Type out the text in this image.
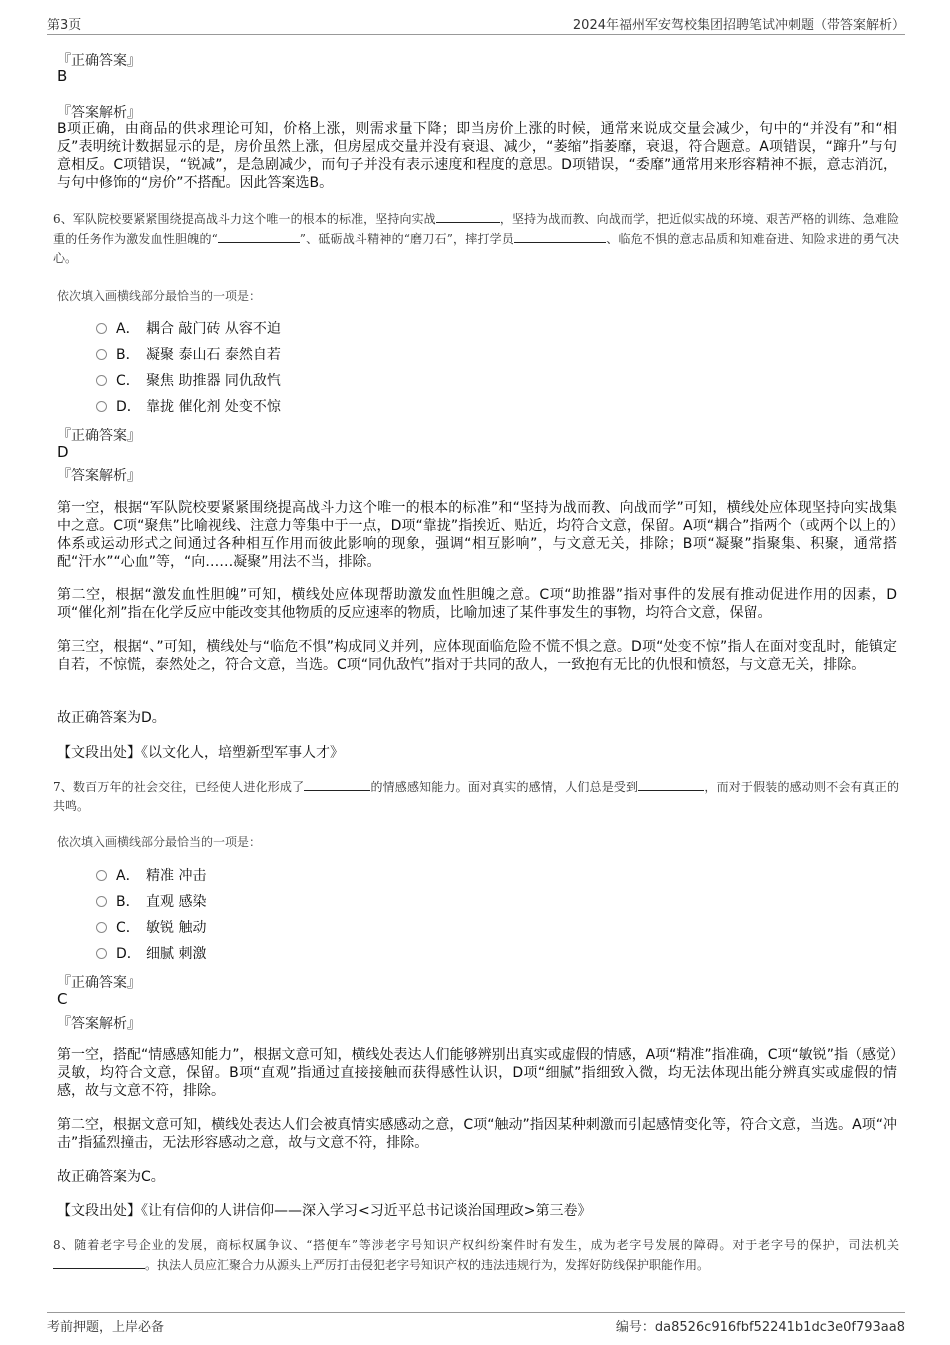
第3页	2024年福州军安驾校集团招聘笔试冲刺题（带答案解析）
『正确答案』
B
『答案解析』
B项正确，由商品的供求理论可知，价格上涨，则需求量下降；即当房价上涨的时候，通常来说成交量会减少，句中的“并没有”和“相反”表明统计数据显示的是，房价虽然上涨，但房屋成交量并没有衰退、减少，“萎缩”指萎靡，衰退，符合题意。A项错误，“蹿升”与句意相反。C项错误，“锐减”，是急剧减少，而句子并没有表示速度和程度的意思。D项错误，“委靡”通常用来形容精神不振，意志消沉，与句中修饰的“房价”不搭配。因此答案选B。
6、军队院校要紧紧围绕提高战斗力这个唯一的根本的标准，坚持向实战	，坚持为战而教、向战而学，把近似实战的环境、艰苦严格的训练、急难险重的任务作为激发血性胆魄的“	”、砥砺战斗精神的“磨刀石”，摔打学员	、临危不惧的意志品质和知难奋进、知险求进的勇气决心。
依次填入画横线部分最恰当的一项是：
A． 耦合 敲门砖 从容不迫
B． 凝聚 泰山石 泰然自若
C． 聚焦 助推器 同仇敌忾
D． 靠拢 催化剂 处变不惊
『正确答案』
D
『答案解析』
第一空，根据“军队院校要紧紧围绕提高战斗力这个唯一的根本的标准”和“坚持为战而教、向战而学”可知，横线处应体现坚持向实战集中之意。C项“聚焦”比喻视线、注意力等集中于一点，D项“靠拢”指挨近、贴近，均符合文意，保留。A项“耦合”指两个（或两个以上的）体系或运动形式之间通过各种相互作用而彼此影响的现象，强调“相互影响”，与文意无关，排除；B项“凝聚”指聚集、积聚，通常搭配“汗水”“心血”等，“向……凝聚”用法不当，排除。
第二空，根据“激发血性胆魄”可知，横线处应体现帮助激发血性胆魄之意。C项“助推器”指对事件的发展有推动促进作用的因素，D项“催化剂”指在化学反应中能改变其他物质的反应速率的物质，比喻加速了某件事发生的事物，均符合文意，保留。
第三空，根据“、”可知，横线处与“临危不惧”构成同义并列，应体现面临危险不慌不惧之意。D项“处变不惊”指人在面对变乱时，能镇定自若，不惊慌，泰然处之，符合文意，当选。C项“同仇敌忾”指对于共同的敌人，一致抱有无比的仇恨和愤怒，与文意无关，排除。
故正确答案为D。
【文段出处】《以文化人，培塑新型军事人才》
7、数百万年的社会交往，已经使人进化形成了	的情感感知能力。面对真实的感情，人们总是受到	，而对于假装的感动则不会有真正的共鸣。
依次填入画横线部分最恰当的一项是：
A． 精准 冲击
B． 直观 感染
C． 敏锐 触动
D． 细腻 刺激
『正确答案』
C
『答案解析』
第一空，搭配“情感感知能力”，根据文意可知，横线处表达人们能够辨别出真实或虚假的情感，A项“精准”指准确，C项“敏锐”指（感觉）灵敏，均符合文意，保留。B项“直观”指通过直接接触而获得感性认识，D项“细腻”指细致入微，均无法体现出能分辨真实或虚假的情感，故与文意不符，排除。
第二空，根据文意可知，横线处表达人们会被真情实感感动之意，C项“触动”指因某种刺激而引起感情变化等，符合文意，当选。A项“冲击”指猛烈撞击，无法形容感动之意，故与文意不符，排除。
故正确答案为C。
【文段出处】《让有信仰的人讲信仰——深入学习<习近平总书记谈治国理政>第三卷》
8、随着老字号企业的发展，商标权属争议、“搭便车”等涉老字号知识产权纠纷案件时有发生，成为老字号发展的障碍。对于老字号的保护，司法机关。执法人员应汇聚合力从源头上严厉打击侵犯老字号知识产权的违法违规行为，发挥好防线保护职能作用。
考前押题，上岸必备	编号：da8526c916fbf52241b1dc3e0f793aa8
